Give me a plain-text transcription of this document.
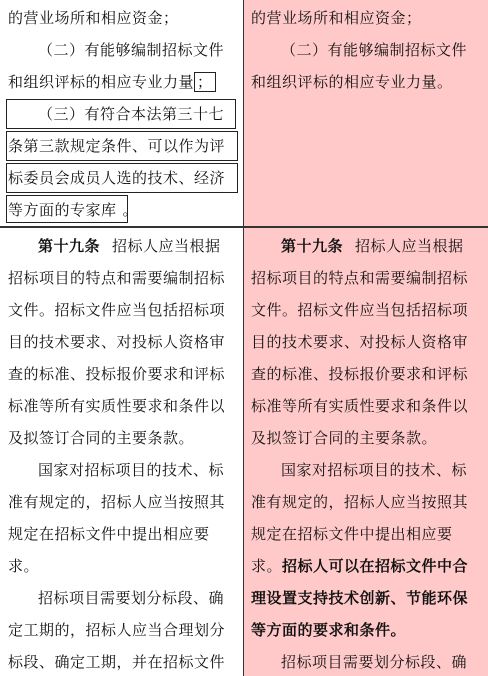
的营业场所和相应资金；
（二）有能够编制招标文件
和组织评标的相应专业力量 ；
（三）有符合本法第三十七
条第三款规定条件、可以作为评
标委员会成员人选的技术、经济
等方面的专家库 。
的营业场所和相应资金；
（二）有能够编制招标文件
和组织评标的相应专业力量。
第十九条 招标人应当根据
招标项目的特点和需要编制招标
文件。招标文件应当包括招标项
目的技术要求、对投标人资格审
查的标准、投标报价要求和评标
标准等所有实质性要求和条件以
及拟签订合同的主要条款。
国家对招标项目的技术、标
准有规定的，招标人应当按照其
规定在招标文件中提出相应要
求。
招标项目需要划分标段、确
定工期的，招标人应当合理划分
标段、确定工期，并在招标文件
第十九条 招标人应当根据
招标项目的特点和需要编制招标
文件。招标文件应当包括招标项
目的技术要求、对投标人资格审
查的标准、投标报价要求和评标
标准等所有实质性要求和条件以
及拟签订合同的主要条款。
国家对招标项目的技术、标
准有规定的，招标人应当按照其
规定在招标文件中提出相应要
求。招标人可以在招标文件中合
理设置支持技术创新、节能环保
等方面的要求和条件。
招标项目需要划分标段、确
